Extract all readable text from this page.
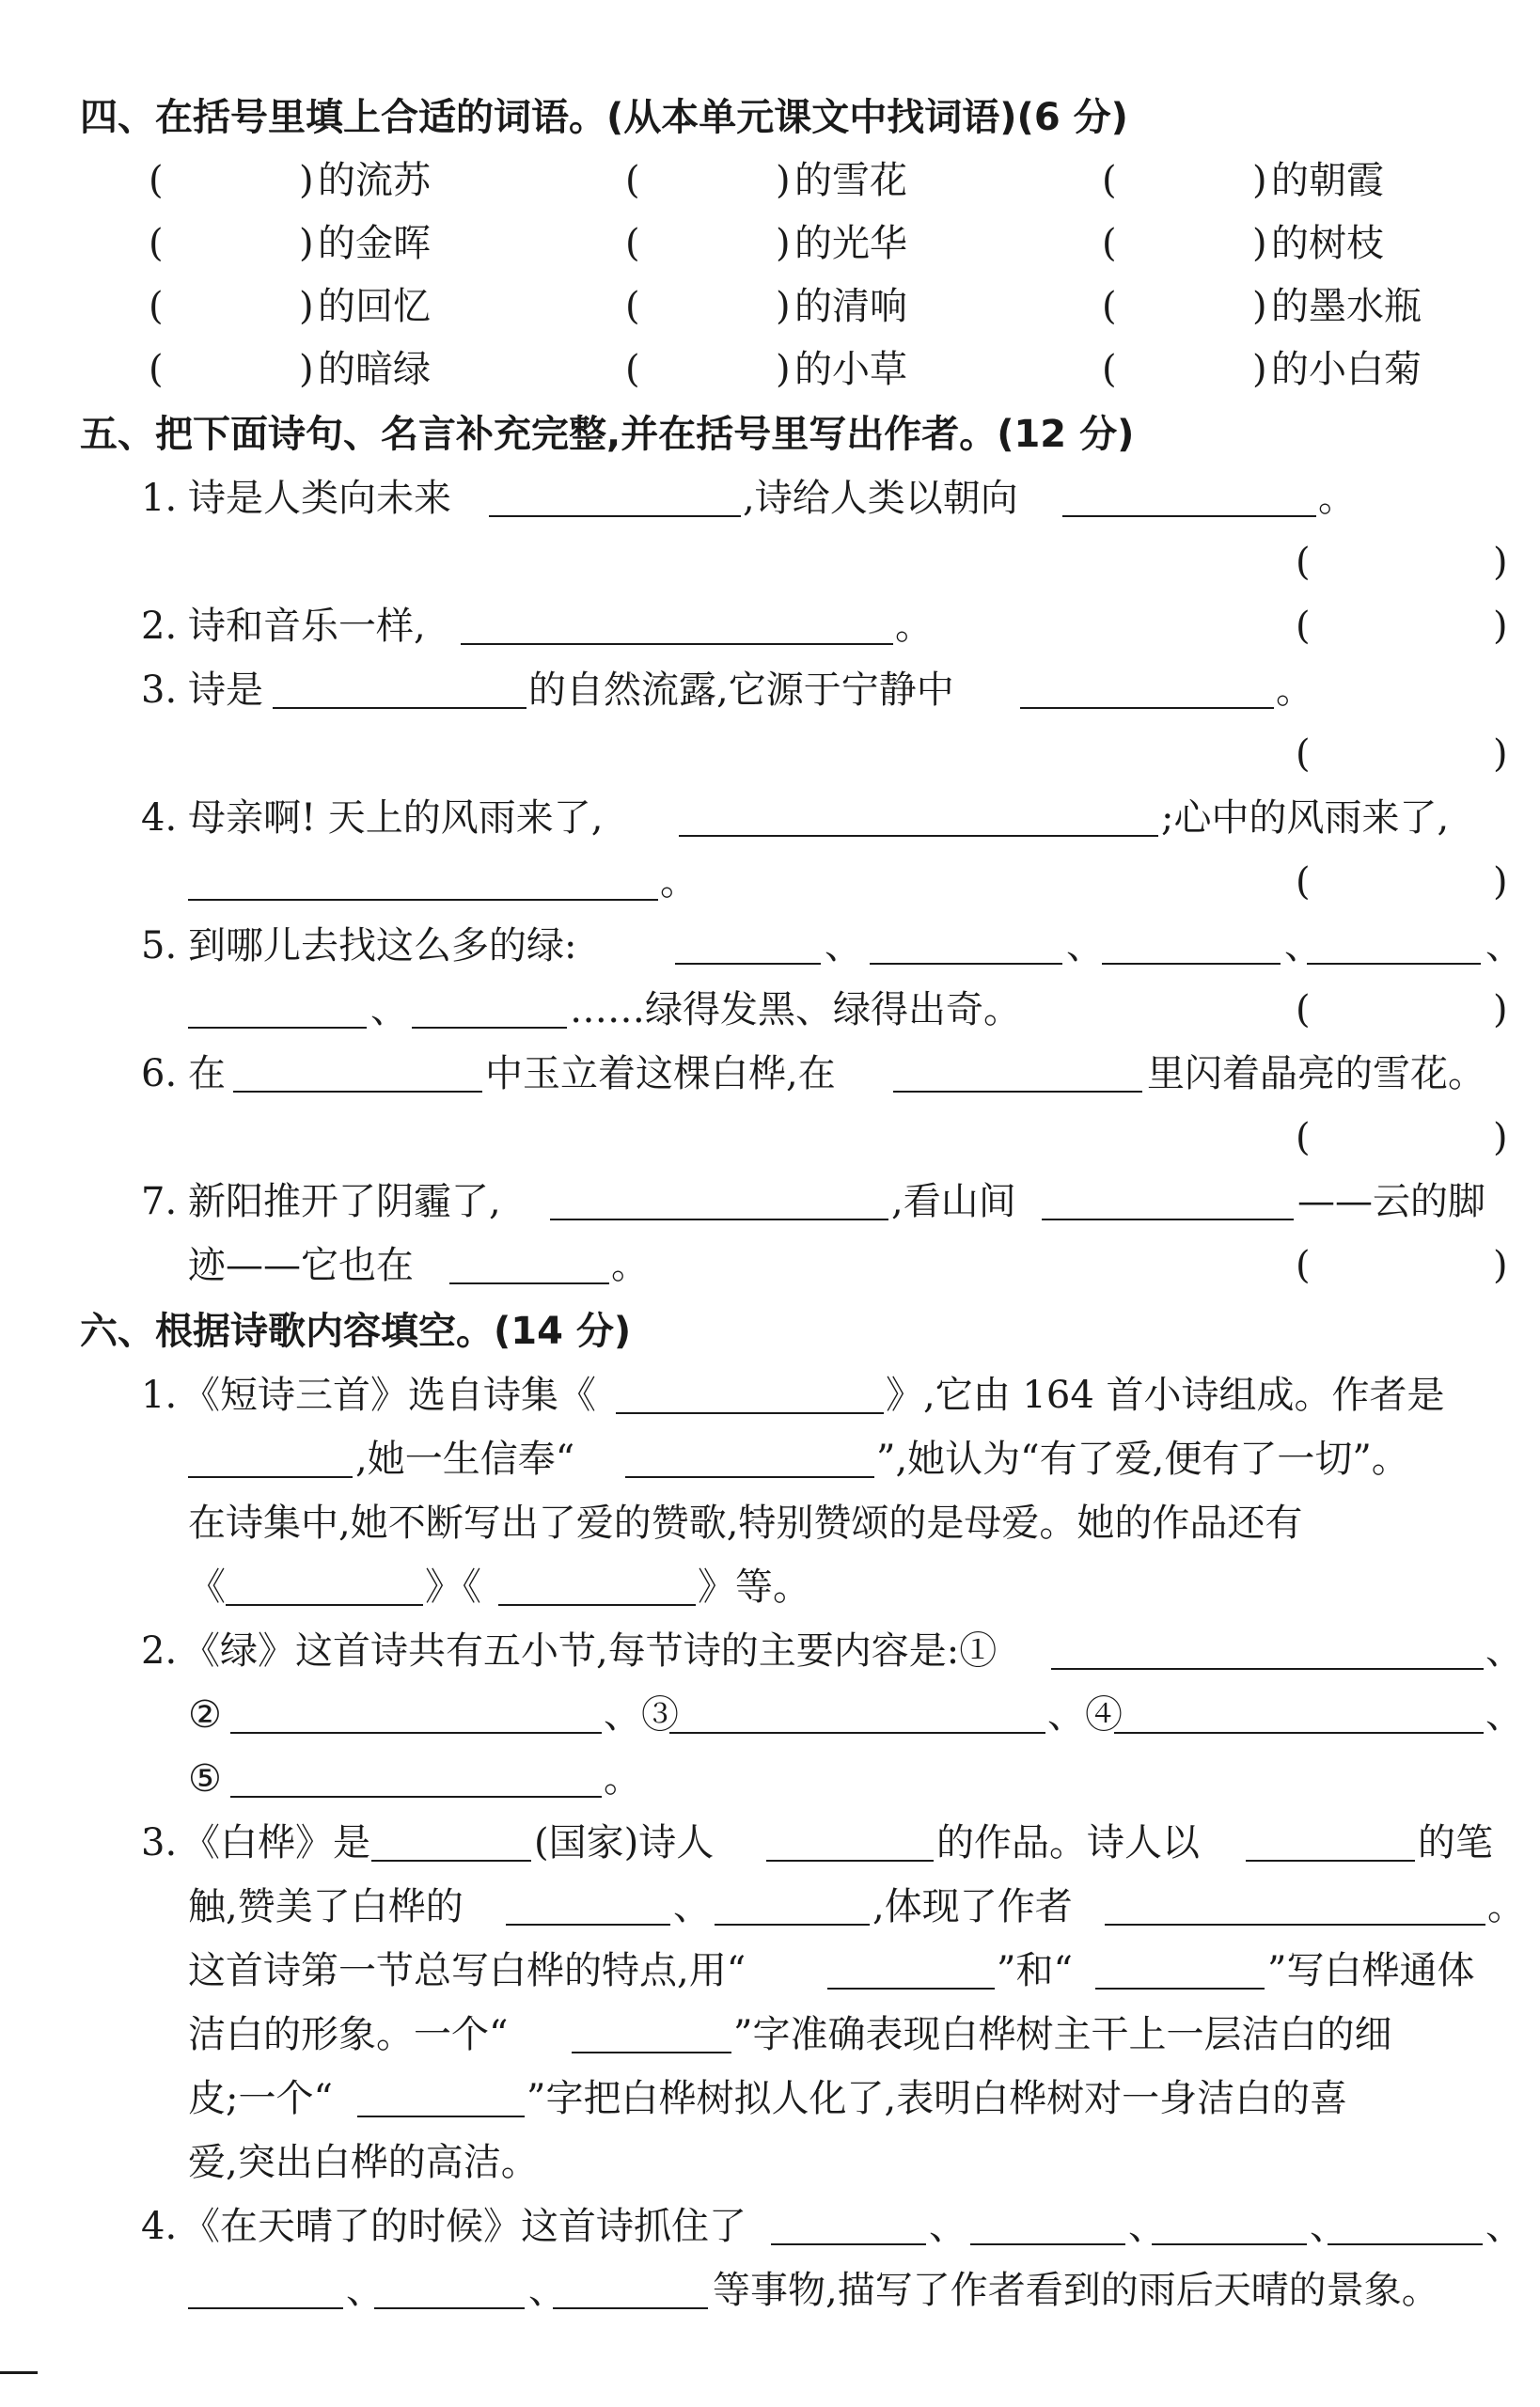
四、在括号里填上合适的词语。(从本单元课文中找词语)(6 分)
(	) 的流苏	(	) 的雪花	(	) 的朝霞
(	) 的金晖	(	) 的光华	(	) 的树枝
(	) 的回忆	(	) 的清响	(	) 的墨水瓶
(	) 的暗绿	(	) 的小草	(	) 的小白菊
五、把下面诗句、名言补充完整,并在括号里写出作者。(12 分)
1. 诗是人类向未来	,诗给人类以朝向	。
(	)
2. 诗和音乐一样,	。	(	)
3. 诗是	的自然流露,它源于宁静中	。
(	)
4. 母亲啊! 天上的风雨来了,	;心中的风雨来了,
。	(	)
5. 到哪儿去找这么多的绿:	、	、	、	、
、	……绿得发黑、绿得出奇。	(	)
6. 在	中玉立着这棵白桦,在	里闪着晶亮的雪花。
(	)
7. 新阳推开了阴霾了,	,看山间	——云的脚
迹——它也在	。	(	)
六、根据诗歌内容填空。(14 分)
1. 《短诗三首》选自诗集《	》,它由 164 首小诗组成。作者是
,她一生信奉“	”,她认为“有了爱,便有了一切”。
在诗集中,她不断写出了爱的赞歌,特别赞颂的是母爱。她的作品还有
《	》《	》等。
2. 《绿》这首诗共有五小节,每节诗的主要内容是:①	、
②	、③	、④	、
⑤	。
3. 《白桦》是	(国家)诗人	的作品。诗人以	的笔
触,赞美了白桦的	、	,体现了作者	。
这首诗第一节总写白桦的特点,用“	”和“	”写白桦通体
洁白的形象。一个“	”字准确表现白桦树主干上一层洁白的细
皮;一个“	”字把白桦树拟人化了,表明白桦树对一身洁白的喜
爱,突出白桦的高洁。
4. 《在天晴了的时候》这首诗抓住了	、	、	、	、
、	、	等事物,描写了作者看到的雨后天晴的景象。
